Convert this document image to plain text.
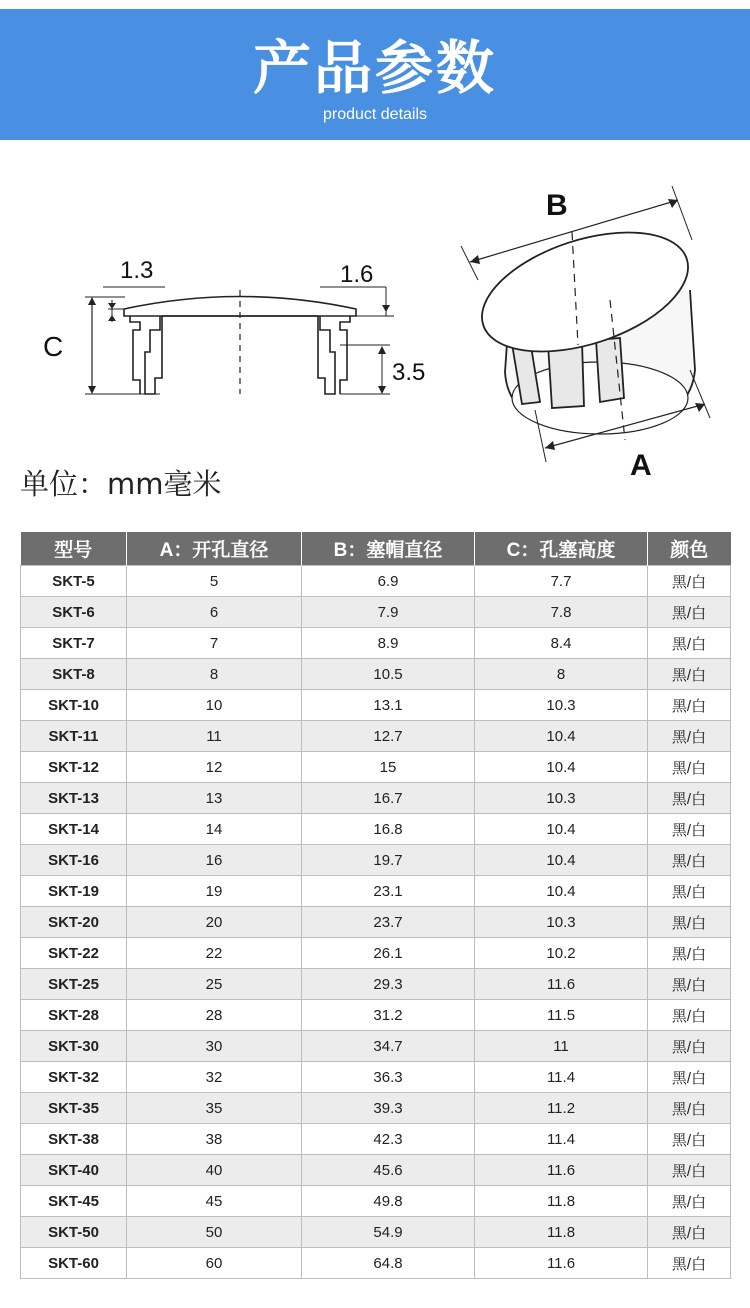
产品参数
product details
1.3	1.6
C
3.5
B
A
单位：mm毫米
型号	A：开孔直径	B：塞帽直径	C：孔塞高度	颜色
SKT-5	5	6.9	7.7	黑/白
SKT-6	6	7.9	7.8	黑/白
SKT-7	7	8.9	8.4	黑/白
SKT-8	8	10.5	8	黑/白
SKT-10	10	13.1	10.3	黑/白
SKT-11	11	12.7	10.4	黑/白
SKT-12	12	15	10.4	黑/白
SKT-13	13	16.7	10.3	黑/白
SKT-14	14	16.8	10.4	黑/白
SKT-16	16	19.7	10.4	黑/白
SKT-19	19	23.1	10.4	黑/白
SKT-20	20	23.7	10.3	黑/白
SKT-22	22	26.1	10.2	黑/白
SKT-25	25	29.3	11.6	黑/白
SKT-28	28	31.2	11.5	黑/白
SKT-30	30	34.7	11	黑/白
SKT-32	32	36.3	11.4	黑/白
SKT-35	35	39.3	11.2	黑/白
SKT-38	38	42.3	11.4	黑/白
SKT-40	40	45.6	11.6	黑/白
SKT-45	45	49.8	11.8	黑/白
SKT-50	50	54.9	11.8	黑/白
SKT-60	60	64.8	11.6	黑/白
